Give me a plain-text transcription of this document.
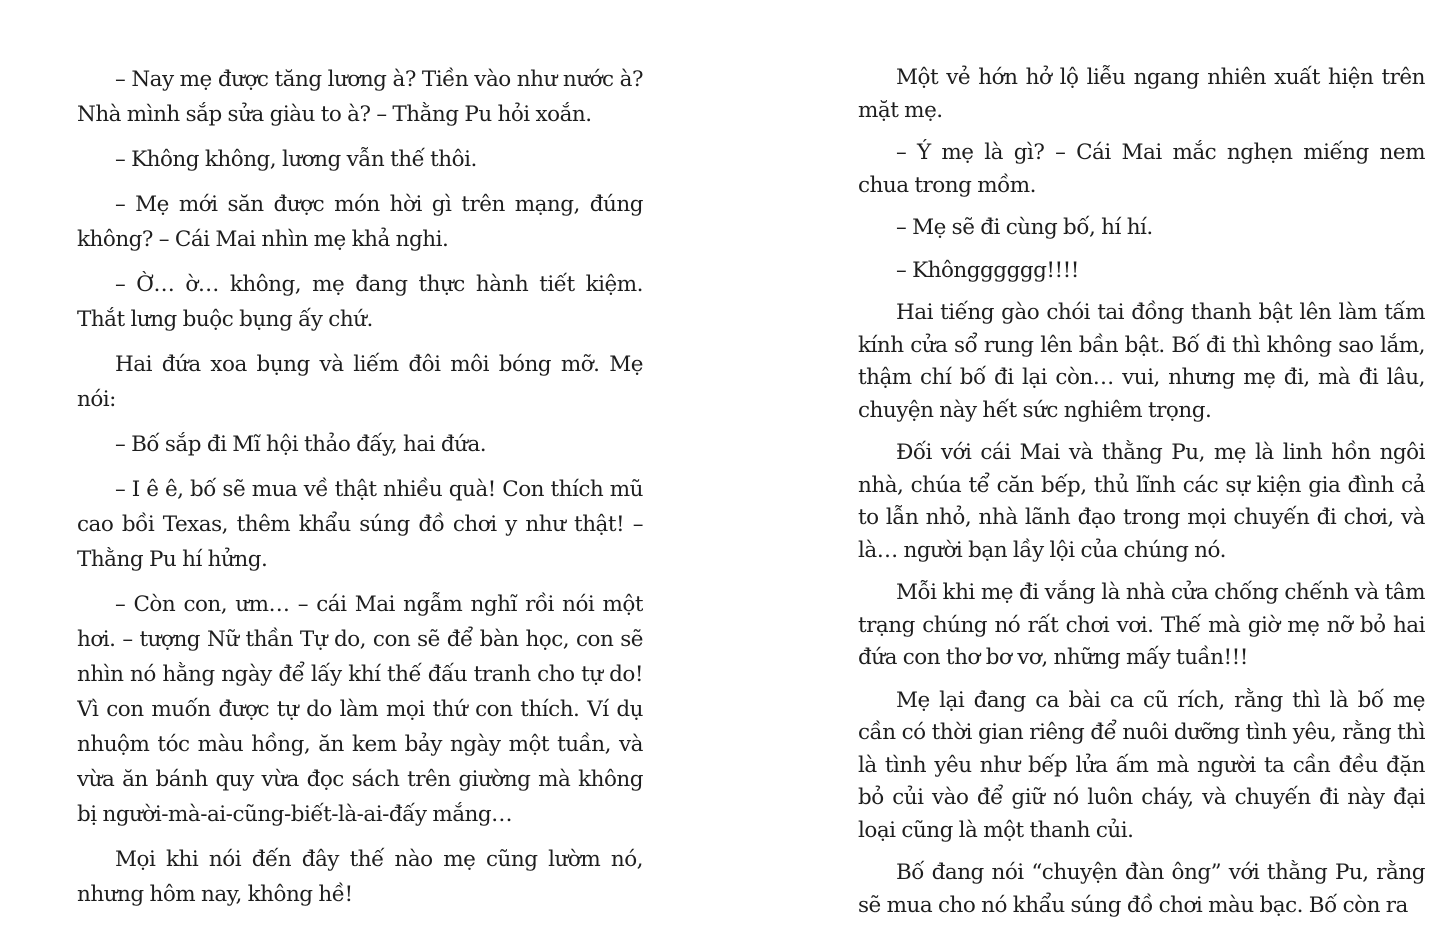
– Nay mẹ được tăng lương à? Tiền vào như nước à? Nhà mình sắp sửa giàu to à? – Thằng Pu hỏi xoắn.

– Không không, lương vẫn thế thôi.

– Mẹ mới săn được món hời gì trên mạng, đúng không? – Cái Mai nhìn mẹ khả nghi.

– Ờ… ờ… không, mẹ đang thực hành tiết kiệm. Thắt lưng buộc bụng ấy chứ.

Hai đứa xoa bụng và liếm đôi môi bóng mỡ. Mẹ nói:

– Bố sắp đi Mĩ hội thảo đấy, hai đứa.

– I ê ê, bố sẽ mua về thật nhiều quà! Con thích mũ cao bồi Texas, thêm khẩu súng đồ chơi y như thật! – Thằng Pu hí hửng.

– Còn con, ưm… – cái Mai ngẫm nghĩ rồi nói một hơi. – tượng Nữ thần Tự do, con sẽ để bàn học, con sẽ nhìn nó hằng ngày để lấy khí thế đấu tranh cho tự do! Vì con muốn được tự do làm mọi thứ con thích. Ví dụ nhuộm tóc màu hồng, ăn kem bảy ngày một tuần, và vừa ăn bánh quy vừa đọc sách trên giường mà không bị người-mà-ai-cũng-biết-là-ai-đấy mắng…

Mọi khi nói đến đây thế nào mẹ cũng lườm nó, nhưng hôm nay, không hề!

Một vẻ hớn hở lộ liễu ngang nhiên xuất hiện trên mặt mẹ.

– Ý mẹ là gì? – Cái Mai mắc nghẹn miếng nem chua trong mồm.

– Mẹ sẽ đi cùng bố, hí hí.

– Khôngggggg!!!!

Hai tiếng gào chói tai đồng thanh bật lên làm tấm kính cửa sổ rung lên bần bật. Bố đi thì không sao lắm, thậm chí bố đi lại còn… vui, nhưng mẹ đi, mà đi lâu, chuyện này hết sức nghiêm trọng.

Đối với cái Mai và thằng Pu, mẹ là linh hồn ngôi nhà, chúa tể căn bếp, thủ lĩnh các sự kiện gia đình cả to lẫn nhỏ, nhà lãnh đạo trong mọi chuyến đi chơi, và là… người bạn lầy lội của chúng nó.

Mỗi khi mẹ đi vắng là nhà cửa chống chếnh và tâm trạng chúng nó rất chơi vơi. Thế mà giờ mẹ nỡ bỏ hai đứa con thơ bơ vơ, những mấy tuần!!!

Mẹ lại đang ca bài ca cũ rích, rằng thì là bố mẹ cần có thời gian riêng để nuôi dưỡng tình yêu, rằng thì là tình yêu như bếp lửa ấm mà người ta cần đều đặn bỏ củi vào để giữ nó luôn cháy, và chuyến đi này đại loại cũng là một thanh củi.

Bố đang nói “chuyện đàn ông” với thằng Pu, rằng sẽ mua cho nó khẩu súng đồ chơi màu bạc. Bố còn ra
